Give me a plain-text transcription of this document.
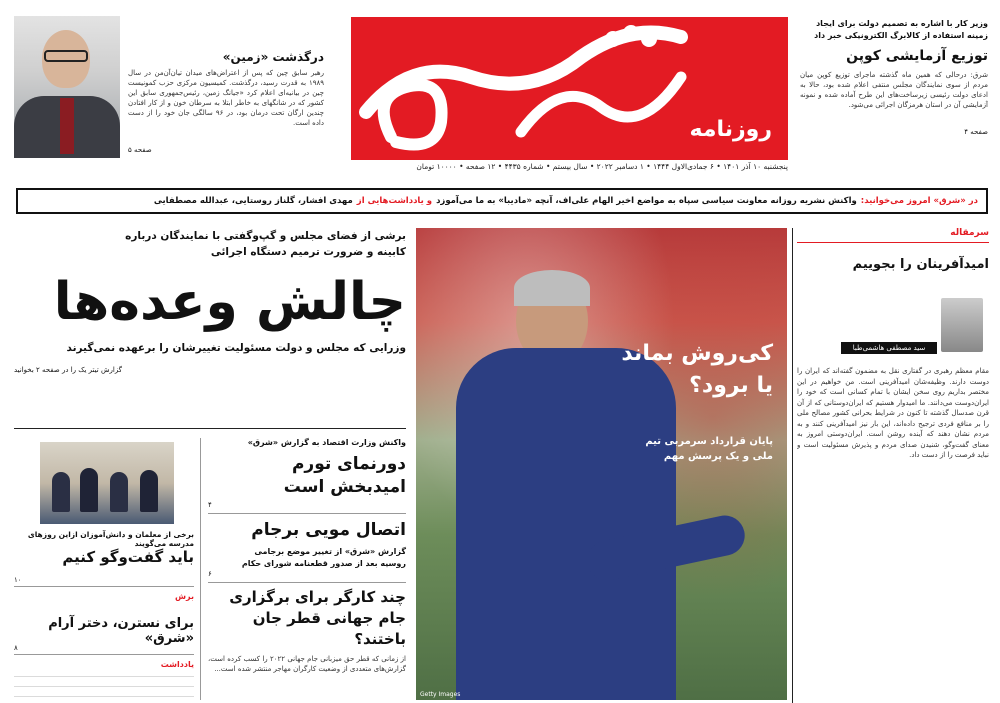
درگذشت «زمین»
رهبر سابق چین که پس از اعتراض‌های میدان تیان‌آن‌من در سال ۱۹۸۹ به قدرت رسید، درگذشت. کمیسیون مرکزی حزب کمونیست چین در بیانیه‌ای اعلام کرد «جیانگ زمین، رئیس‌جمهوری سابق این کشور که در شانگهای به خاطر ابتلا به سرطان خون و از کار افتادن چندین ارگان تحت درمان بود، در ۹۶ سالگی جان خود را از دست داده است.
صفحه ۵
روزنامه
پنجشنبه ۱۰ آذر ۱۴۰۱ • ۶ جمادی‌الاول ۱۴۴۴ • ۱ دسامبر ۲۰۲۲ • سال بیستم • شماره ۴۴۳۵ • ۱۲ صفحه • ۱۰۰۰۰ تومان
وزیر کار با اشاره به تصمیم دولت برای ایجاد زمینه استفاده از کالابرگ الکترونیکی خبر داد
توزیع آزمایشی کوپن
شرق: درحالی که همین ماه گذشته ماجرای توزیع کوپن میان مردم از سوی نمایندگان مجلس منتفی اعلام شده بود، حالا به ادعای دولت رئیسی زیرساخت‌های این طرح آماده شده و نمونه آزمایشی آن در استان هرمزگان اجرائی می‌شود.
صفحه ۴
در «شرق» امروز می‌خوانید:
واکنش نشریه روزانه معاونت سیاسی سپاه به مواضع اخیر الهام علی‌اف، آنچه «مادیبا» به ما می‌آموزد
و یادداشت‌هایی از
مهدی افشار، گلناز روستایی، عبدالله مصطفایی
سرمقاله
امیدآفرینان را بجوییم
سید مصطفی هاشمی‌طبا
مقام معظم رهبری در گفتاری نقل به مضمون گفته‌اند که ایران را دوست دارند. وظیفه‌شان امیدآفرینی است. من خواهیم در این مختصر بداریم روی سخن ایشان با تمام کسانی است که خود را ایران‌دوست می‌دانند. ما امیدوار هستیم که ایران‌دوستانی که از آن قرن صدسال گذشته تا کنون در شرایط بحرانی کشور مصالح ملی را بر منافع فردی ترجیح داده‌اند، این بار نیز امیدآفرینی کنند و به مردم نشان دهند که آینده روشن است. ایران‌دوستی امروز به معنای گفت‌وگو، شنیدن صدای مردم و پذیرش مسئولیت است و نباید فرصت را از دست داد.
کی‌روش بماند یا برود؟
پایان قرارداد سرمربی تیم ملی و یک پرسش مهم
Getty Images
برشی از فضای مجلس و گپ‌وگفتی با نمایندگان درباره کابینه و ضرورت ترمیم دستگاه اجرائی
چالش وعده‌ها
وزرایی که مجلس و دولت مسئولیت تغییرشان را برعهده نمی‌گیرند
گزارش تیتر یک را در صفحه ۲ بخوانید
واکنش وزارت اقتصاد به گزارش «شرق»
دورنمای تورم امیدبخش است
۴
اتصال مویی برجام
گزارش «شرق» از تغییر موضع برجامی روسیه بعد از صدور قطعنامه شورای حکام
۶
چند کارگر برای برگزاری جام جهانی قطر جان باختند؟
از زمانی که قطر حق میزبانی جام جهانی ۲۰۲۲ را کسب کرده است، گزارش‌های متعددی از وضعیت کارگران مهاجر منتشر شده است...
برخی از معلمان و دانش‌آموزان ازاین روزهای مدرسه می‌گویند
باید گفت‌وگو کنیم
۱۰
برش
برای نسترن، دختر آرام «شرق»
۸
یادداشت
